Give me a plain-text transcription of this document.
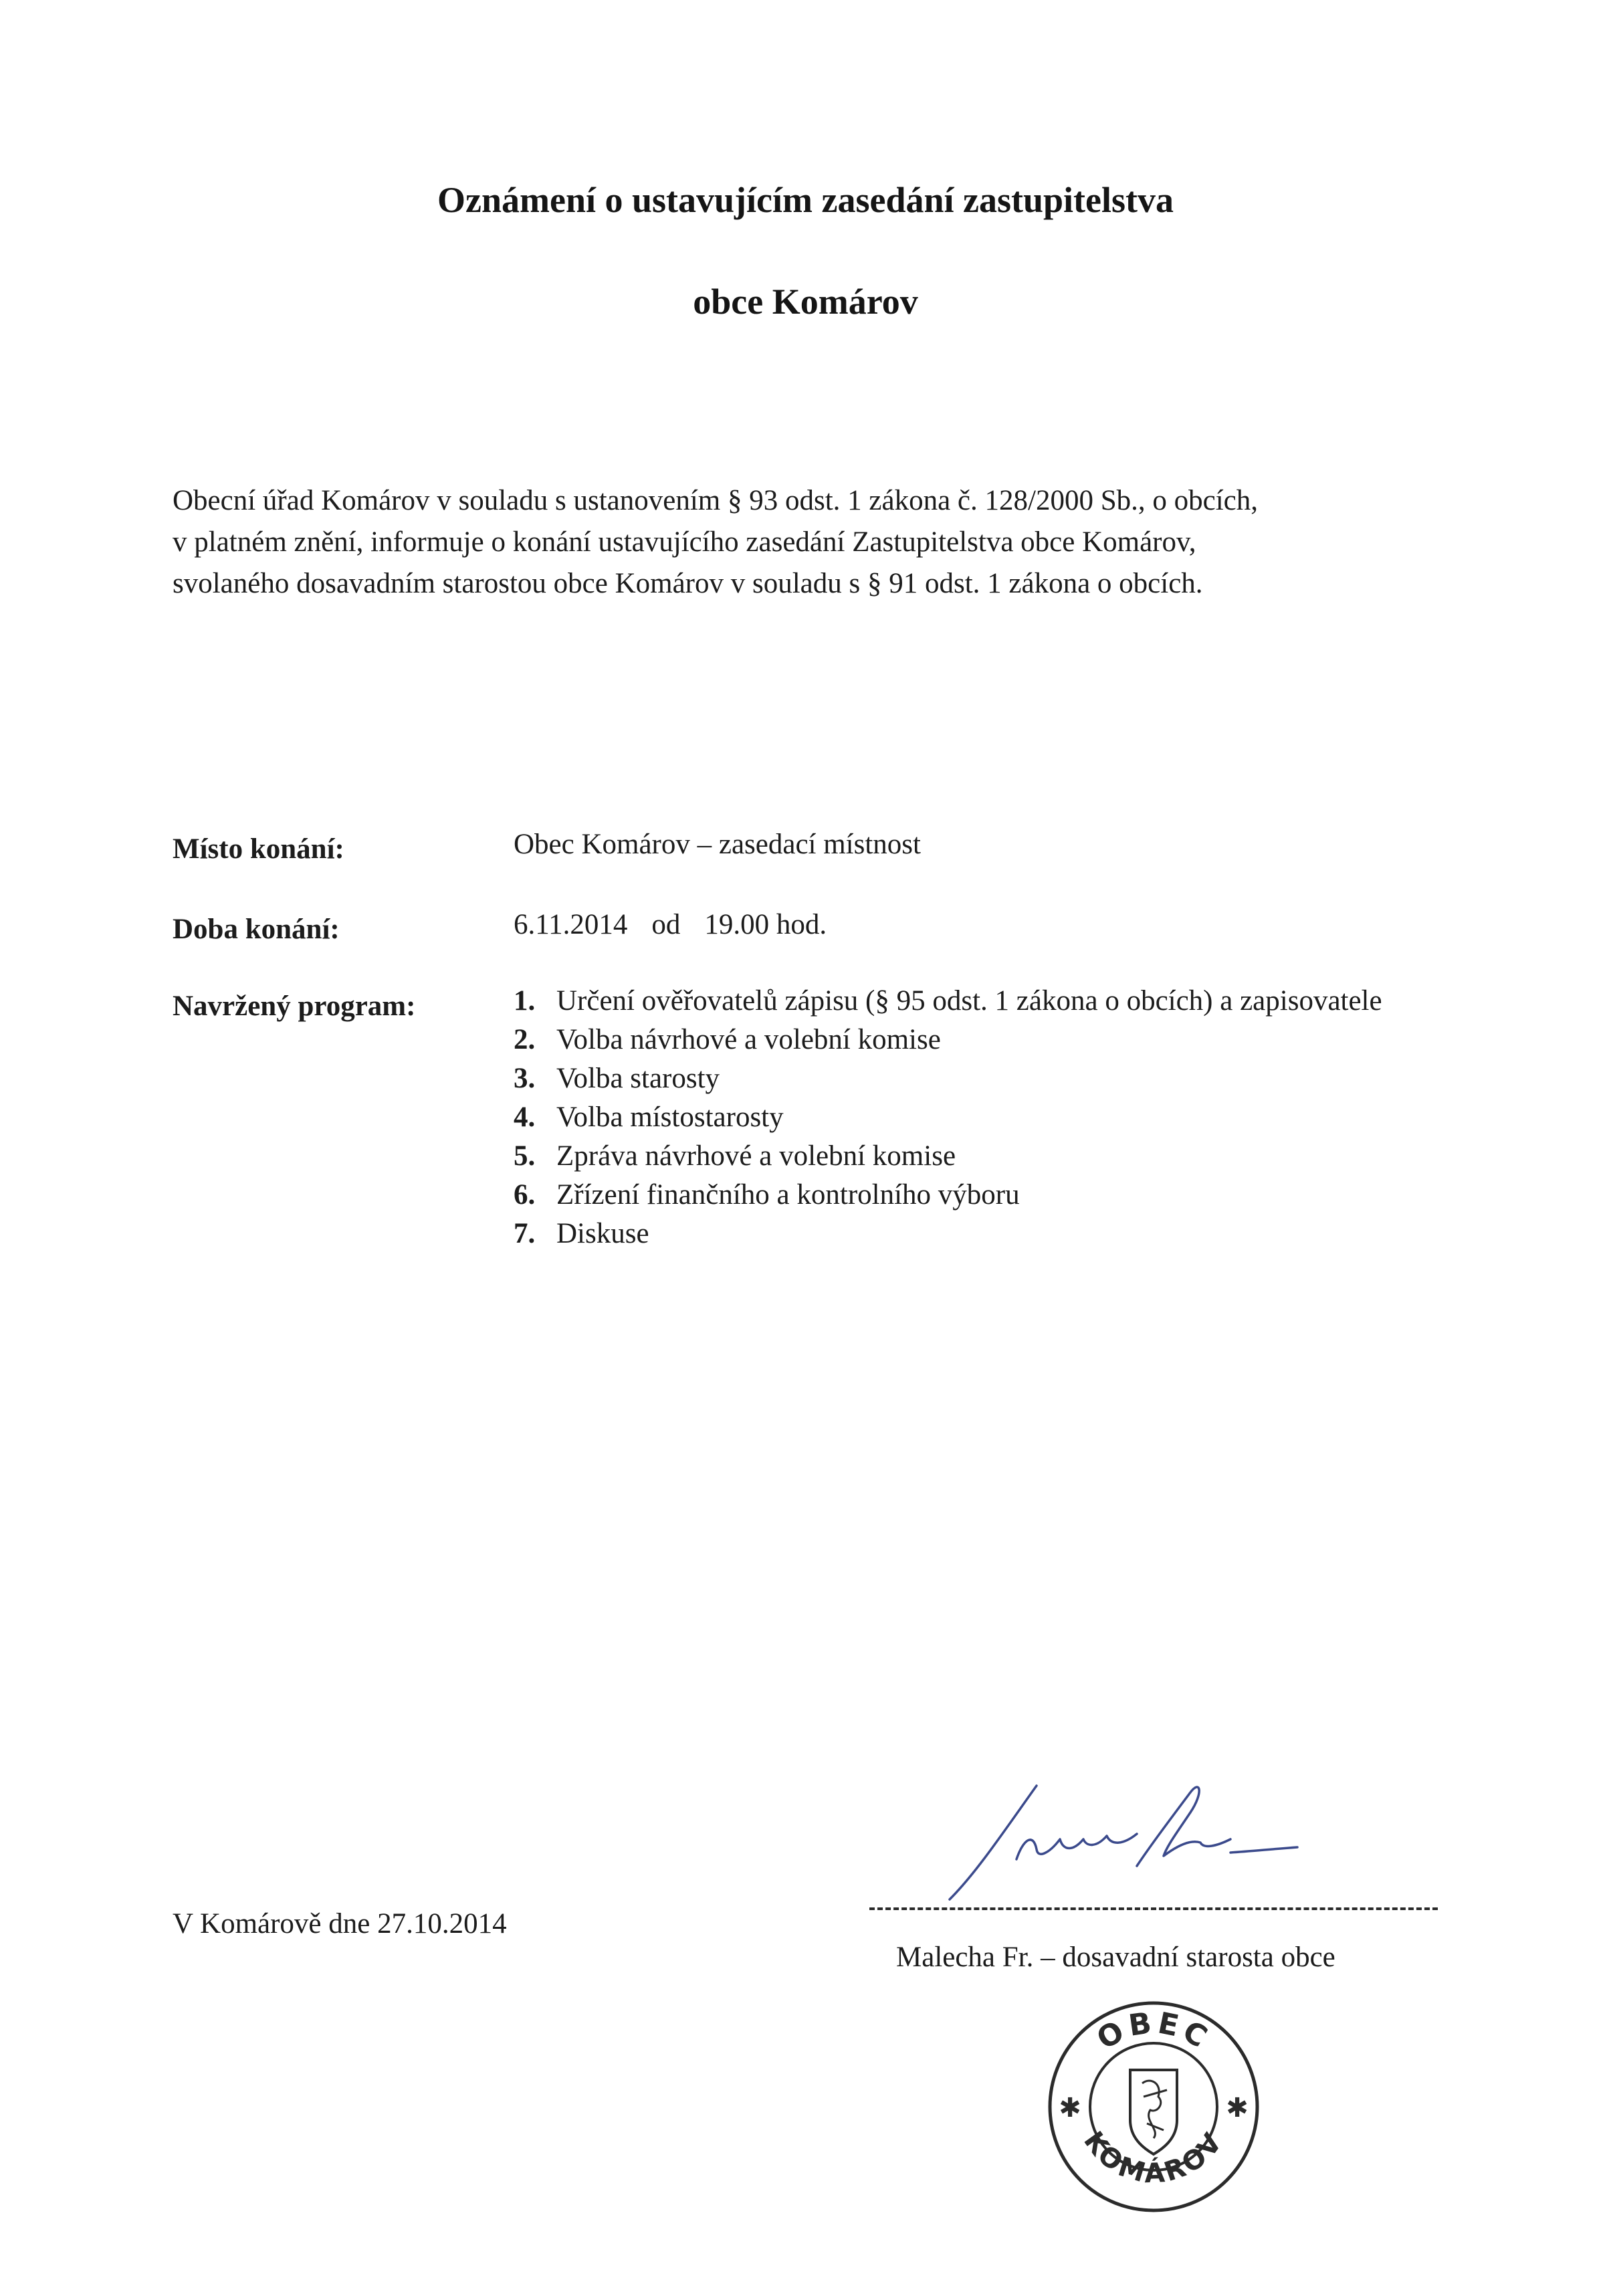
Oznámení o ustavujícím zasedání zastupitelstva
obce Komárov
Obecní úřad Komárov v souladu s ustanovením § 93 odst. 1 zákona č. 128/2000 Sb., o obcích,
v platném znění, informuje o konání ustavujícího zasedání Zastupitelstva obce Komárov,
svolaného dosavadním starostou obce Komárov v souladu s § 91 odst. 1 zákona o obcích.
Místo konání:	Obec Komárov – zasedací místnost
Doba konání:	6.11.2014 od 19.00 hod.
Navržený program:	1. Určení ověřovatelů zápisu (§ 95 odst. 1 zákona o obcích) a zapisovatele
2. Volba návrhové a volební komise
3. Volba starosty
4. Volba místostarosty
5. Zpráva návrhové a volební komise
6. Zřízení finančního a kontrolního výboru
7. Diskuse
V Komárově dne 27.10.2014
Malecha Fr. – dosavadní starosta obce
✱	✱
OBEC
KOMÁROV
